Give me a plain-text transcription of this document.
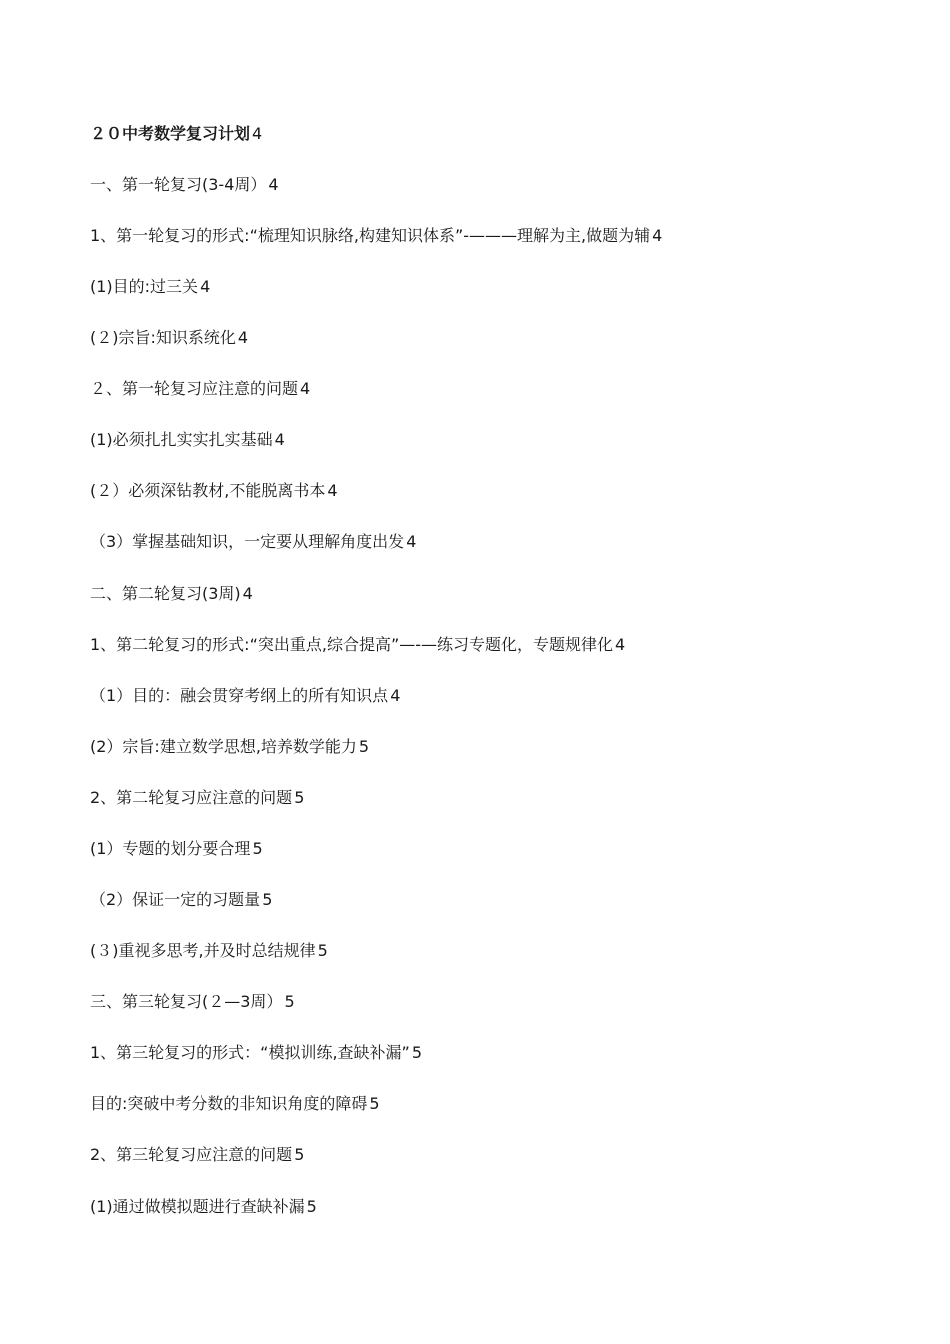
２０中考数学复习计划 4
一、第一轮复习(3-4周） 4
1、第一轮复习的形式:“梳理知识脉络,构建知识体系”-———理解为主,做题为辅 4
(1)目的:过三关 4
(２)宗旨:知识系统化 4
２、第一轮复习应注意的问题 4
(1)必须扎扎实实扎实基础 4
(２）必须深钻教材,不能脱离书本 4
（3）掌握基础知识，一定要从理解角度出发 4
二、第二轮复习(3周) 4
1、第二轮复习的形式:“突出重点,综合提高”—-—练习专题化，专题规律化 4
（1）目的：融会贯穿考纲上的所有知识点 4
(2）宗旨:建立数学思想,培养数学能力 5
2、第二轮复习应注意的问题 5
(1）专题的划分要合理 5
（2）保证一定的习题量 5
(３)重视多思考,并及时总结规律 5
三、第三轮复习(２—3周） 5
1、第三轮复习的形式：“模拟训练,查缺补漏” 5
目的:突破中考分数的非知识角度的障碍 5
2、第三轮复习应注意的问题 5
(1)通过做模拟题进行查缺补漏 5
